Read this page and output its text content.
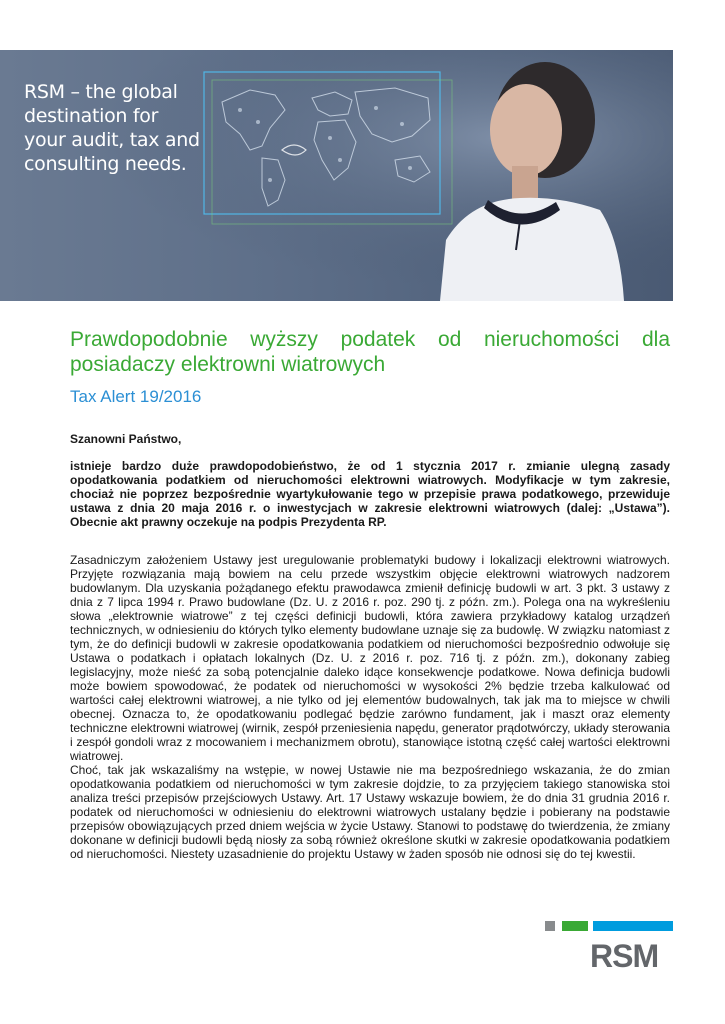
RSM – the global
destination for
your audit, tax and
consulting needs.
Prawdopodobnie wyższy podatek od nieruchomości dla posiadaczy elektrowni wiatrowych
Tax Alert 19/2016
Szanowni Państwo,
istnieje bardzo duże prawdopodobieństwo, że od 1 stycznia 2017 r. zmianie ulegną zasady opodatkowania podatkiem od nieruchomości elektrowni wiatrowych. Modyfikacje w tym zakresie, chociaż nie poprzez bezpośrednie wyartykułowanie tego w przepisie prawa podatkowego, przewiduje ustawa z dnia 20 maja 2016 r. o inwestycjach w zakresie elektrowni wiatrowych (dalej: „Ustawa”). Obecnie akt prawny oczekuje na podpis Prezydenta RP.
Zasadniczym założeniem Ustawy jest uregulowanie problematyki budowy i lokalizacji elektrowni wiatrowych. Przyjęte rozwiązania mają bowiem na celu przede wszystkim objęcie elektrowni wiatrowych nadzorem budowlanym. Dla uzyskania pożądanego efektu prawodawca zmienił definicję budowli w art. 3 pkt. 3 ustawy z dnia z 7 lipca 1994 r. Prawo budowlane (Dz. U. z 2016 r. poz. 290 tj. z późn. zm.). Polega ona na wykreśleniu słowa „elektrownie wiatrowe” z tej części definicji budowli, która zawiera przykładowy katalog urządzeń technicznych, w odniesieniu do których tylko elementy budowlane uznaje się za budowlę. W związku natomiast z tym, że do definicji budowli w zakresie opodatkowania podatkiem od nieruchomości bezpośrednio odwołuje się Ustawa o podatkach i opłatach lokalnych (Dz. U. z 2016 r. poz. 716 tj. z późn. zm.), dokonany zabieg legislacyjny, może nieść za sobą potencjalnie daleko idące konsekwencje podatkowe. Nowa definicja budowli może bowiem spowodować, że podatek od nieruchomości w wysokości 2% będzie trzeba kalkulować od wartości całej elektrowni wiatrowej, a nie tylko od jej elementów budowalnych, tak jak ma to miejsce w chwili obecnej. Oznacza to, że opodatkowaniu podlegać będzie zarówno fundament, jak i maszt oraz elementy techniczne elektrowni wiatrowej (wirnik, zespół przeniesienia napędu, generator prądotwórczy, układy sterowania i zespół gondoli wraz z mocowaniem i mechanizmem obrotu), stanowiące istotną część całej wartości elektrowni wiatrowej.
Choć, tak jak wskazaliśmy na wstępie, w nowej Ustawie nie ma bezpośredniego wskazania, że do zmian opodatkowania podatkiem od nieruchomości w tym zakresie dojdzie, to za przyjęciem takiego stanowiska stoi analiza treści przepisów przejściowych Ustawy. Art. 17 Ustawy wskazuje bowiem, że do dnia 31 grudnia 2016 r. podatek od nieruchomości w odniesieniu do elektrowni wiatrowych ustalany będzie i pobierany na podstawie przepisów obowiązujących przed dniem wejścia w życie Ustawy. Stanowi to podstawę do twierdzenia, że zmiany dokonane w definicji budowli będą niosły za sobą również określone skutki w zakresie opodatkowania podatkiem od nieruchomości. Niestety uzasadnienie do projektu Ustawy w żaden sposób nie odnosi się do tej kwestii.
RSM
